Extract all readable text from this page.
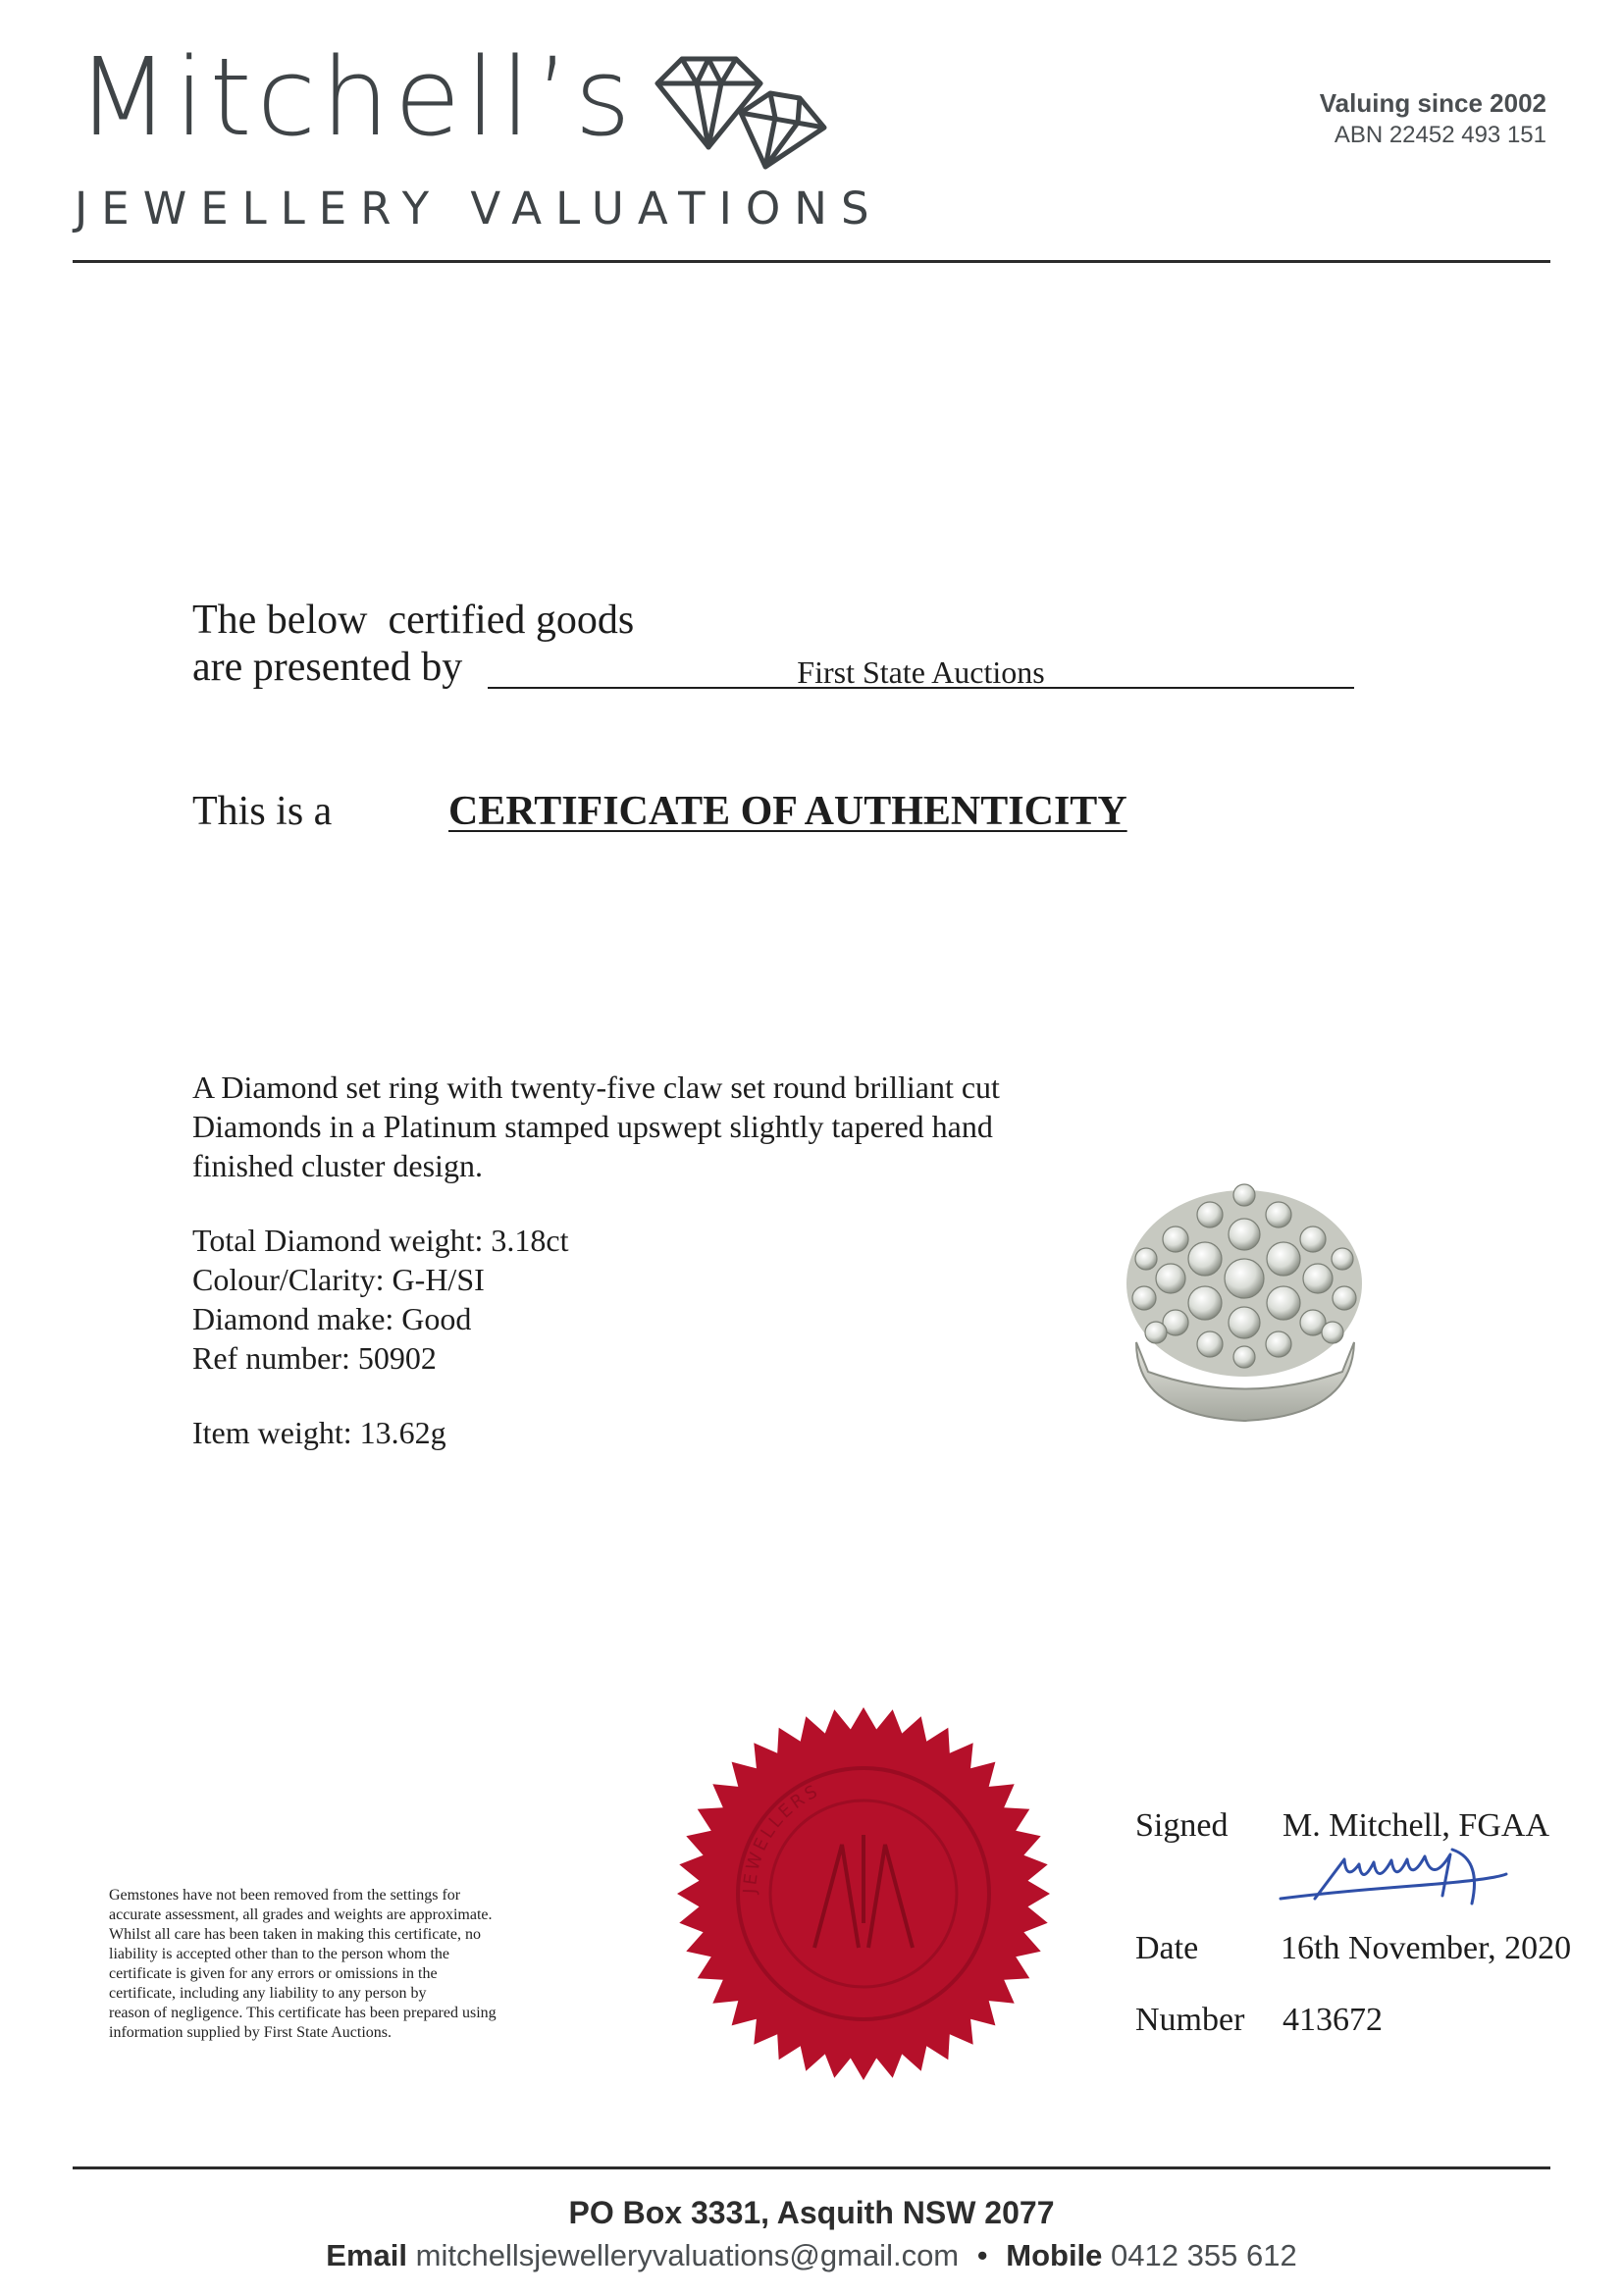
Mitchell’s
JEWELLERY VALUATIONS
Valuing since 2002
ABN 22452 493 151
The below  certified goods
are presented by	First State Auctions
This is a	CERTIFICATE OF AUTHENTICITY

A Diamond set ring with twenty-five claw set round brilliant cut
Diamonds in a Platinum stamped upswept slightly tapered hand
finished cluster design.

Total Diamond weight: 3.18ct
Colour/Clarity: G-H/SI
Diamond make: Good
Ref number: 50902

Item weight: 13.62g

Gemstones have not been removed from the settings for
accurate assessment, all grades and weights are approximate.
Whilst all care has been taken in making this certificate, no
liability is accepted other than to the person whom the
certificate is given for any errors or omissions in the
certificate, including any liability to any person by
reason of negligence. This certificate has been prepared using
information supplied by First State Auctions.
JEWELLERS
Signed M. Mitchell, FGAA
Date 16th November, 2020
Number 413672
PO Box 3331, Asquith NSW 2077
Email mitchellsjewelleryvaluations@gmail.com • Mobile 0412 355 612
